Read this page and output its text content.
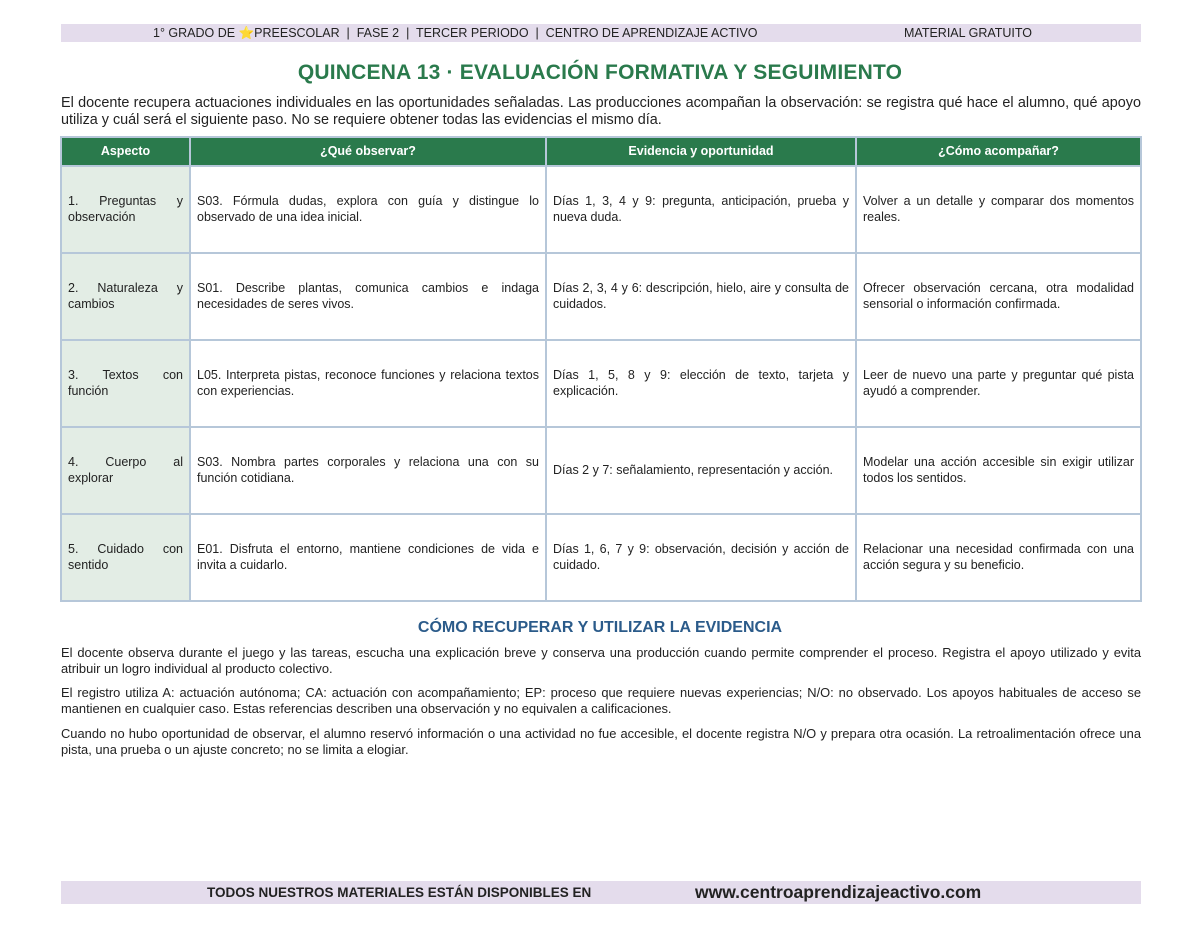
1° GRADO DE ⭐PREESCOLAR  |  FASE 2  |  TERCER PERIODO  |  CENTRO DE APRENDIZAJE ACTIVO	MATERIAL GRATUITO
QUINCENA 13 · EVALUACIÓN FORMATIVA Y SEGUIMIENTO
El docente recupera actuaciones individuales en las oportunidades señaladas. Las producciones acompañan la observación: se registra qué hace el alumno, qué apoyo utiliza y cuál será el siguiente paso. No se requiere obtener todas las evidencias el mismo día.
Aspecto	¿Qué observar?	Evidencia y oportunidad	¿Cómo acompañar?
1. Preguntas y observación	S03. Fórmula dudas, explora con guía y distingue lo observado de una idea inicial.	Días 1, 3, 4 y 9: pregunta, anticipación, prueba y nueva duda.	Volver a un detalle y comparar dos momentos reales.
2. Naturaleza y cambios	S01. Describe plantas, comunica cambios e indaga necesidades de seres vivos.	Días 2, 3, 4 y 6: descripción, hielo, aire y consulta de cuidados.	Ofrecer observación cercana, otra modalidad sensorial o información confirmada.
3. Textos con función	L05. Interpreta pistas, reconoce funciones y relaciona textos con experiencias.	Días 1, 5, 8 y 9: elección de texto, tarjeta y explicación.	Leer de nuevo una parte y preguntar qué pista ayudó a comprender.
4. Cuerpo al explorar	S03. Nombra partes corporales y relaciona una con su función cotidiana.	Días 2 y 7: señalamiento, representación y acción.	Modelar una acción accesible sin exigir utilizar todos los sentidos.
5. Cuidado con sentido	E01. Disfruta el entorno, mantiene condiciones de vida e invita a cuidarlo.	Días 1, 6, 7 y 9: observación, decisión y acción de cuidado.	Relacionar una necesidad confirmada con una acción segura y su beneficio.
CÓMO RECUPERAR Y UTILIZAR LA EVIDENCIA
El docente observa durante el juego y las tareas, escucha una explicación breve y conserva una producción cuando permite comprender el proceso. Registra el apoyo utilizado y evita atribuir un logro individual al producto colectivo.
El registro utiliza A: actuación autónoma; CA: actuación con acompañamiento; EP: proceso que requiere nuevas experiencias; N/O: no observado. Los apoyos habituales de acceso se mantienen en cualquier caso. Estas referencias describen una observación y no equivalen a calificaciones.
Cuando no hubo oportunidad de observar, el alumno reservó información o una actividad no fue accesible, el docente registra N/O y prepara otra ocasión. La retroalimentación ofrece una pista, una prueba o un ajuste concreto; no se limita a elogiar.
TODOS NUESTROS MATERIALES ESTÁN DISPONIBLES EN	www.centroaprendizajeactivo.com
